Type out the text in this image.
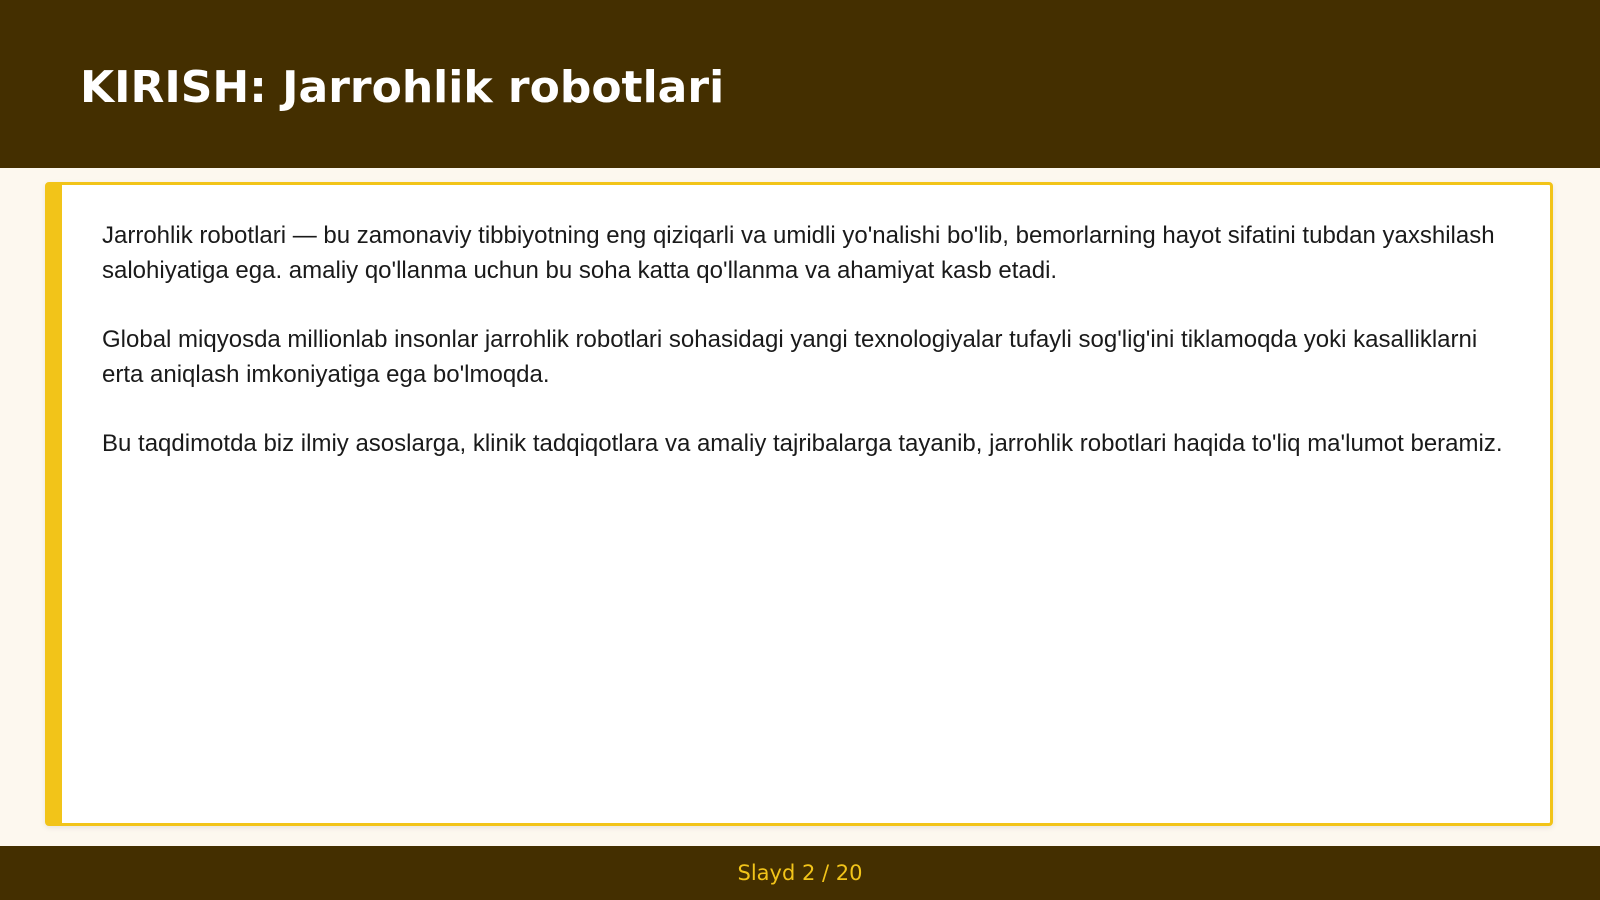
KIRISH: Jarrohlik robotlari

Jarrohlik robotlari — bu zamonaviy tibbiyotning eng qiziqarli va umidli yo'nalishi bo'lib, bemorlarning hayot sifatini tubdan yaxshilash salohiyatiga ega. amaliy qo'llanma uchun bu soha katta qo'llanma va ahamiyat kasb etadi.

Global miqyosda millionlab insonlar jarrohlik robotlari sohasidagi yangi texnologiyalar tufayli sog'lig'ini tiklamoqda yoki kasalliklarni erta aniqlash imkoniyatiga ega bo'lmoqda.

Bu taqdimotda biz ilmiy asoslarga, klinik tadqiqotlara va amaliy tajribalarga tayanib, jarrohlik robotlari haqida to'liq ma'lumot beramiz.

Slayd 2 / 20
